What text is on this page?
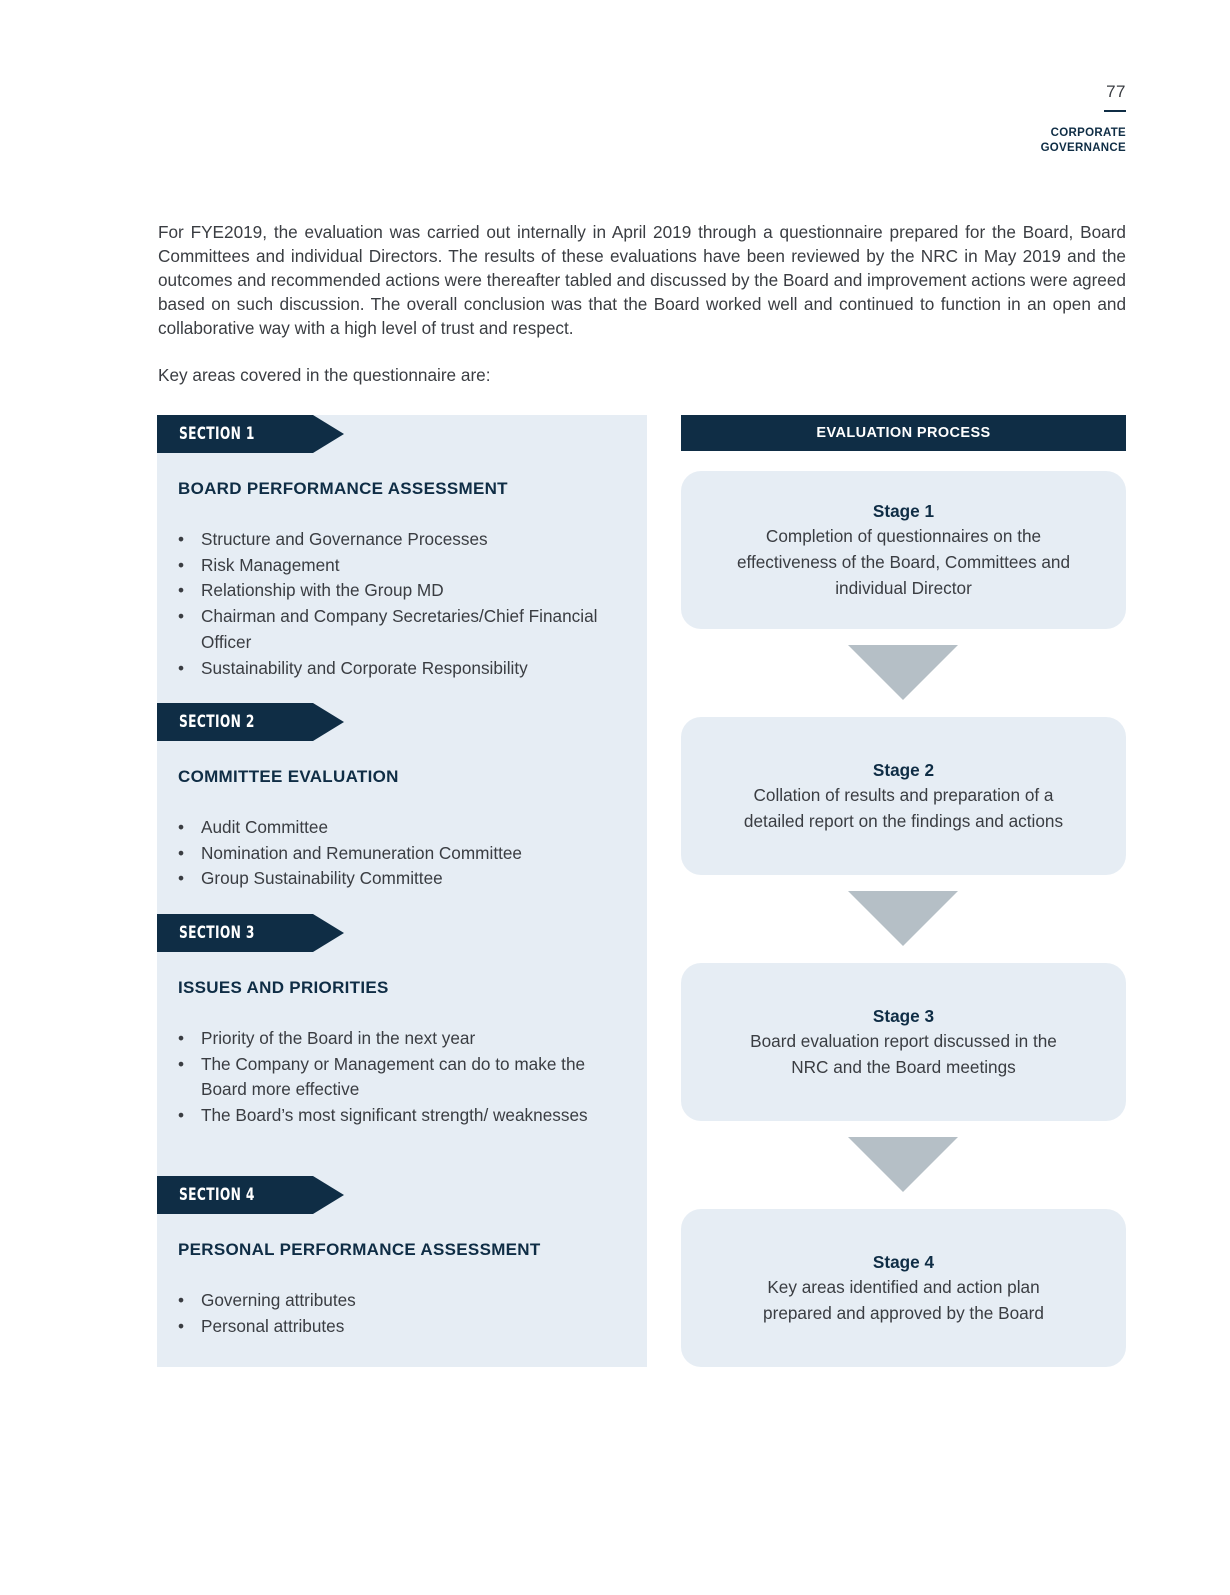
77
CORPORATE
GOVERNANCE

For FYE2019, the evaluation was carried out internally in April 2019 through a questionnaire prepared for the Board, Board Committees and individual Directors. The results of these evaluations have been reviewed by the NRC in May 2019 and the outcomes and recommended actions were thereafter tabled and discussed by the Board and improvement actions were agreed based on such discussion. The overall conclusion was that the Board worked well and continued to function in an open and collaborative way with a high level of trust and respect.

Key areas covered in the questionnaire are:

SECTION 1
BOARD PERFORMANCE ASSESSMENT
• Structure and Governance Processes
• Risk Management
• Relationship with the Group MD
• Chairman and Company Secretaries/Chief Financial Officer
• Sustainability and Corporate Responsibility
SECTION 2
COMMITTEE EVALUATION
• Audit Committee
• Nomination and Remuneration Committee
• Group Sustainability Committee
SECTION 3
ISSUES AND PRIORITIES
• Priority of the Board in the next year
• The Company or Management can do to make the Board more effective
• The Board’s most significant strength/ weaknesses
SECTION 4
PERSONAL PERFORMANCE ASSESSMENT
• Governing attributes
• Personal attributes
EVALUATION PROCESS
Stage 1
Completion of questionnaires on the effectiveness of the Board, Committees and individual Director
Stage 2
Collation of results and preparation of a detailed report on the findings and actions
Stage 3
Board evaluation report discussed in the NRC and the Board meetings
Stage 4
Key areas identified and action plan prepared and approved by the Board
